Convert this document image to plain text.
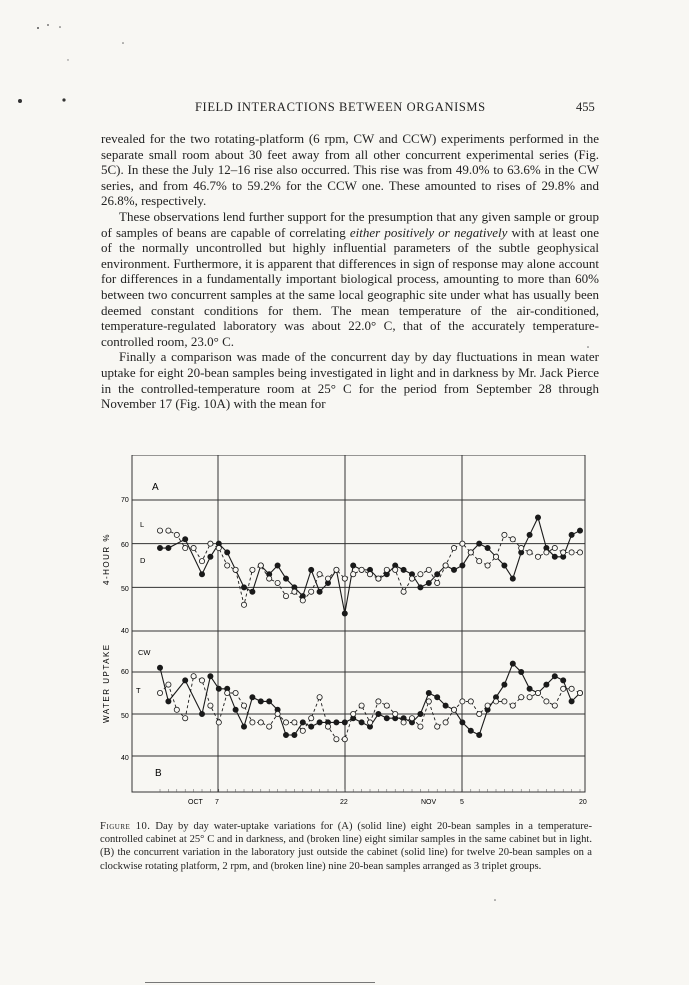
FIELD INTERACTIONS BETWEEN ORGANISMS	455

revealed for the two rotating-platform (6 rpm, CW and CCW) experiments performed in the separate small room about 30 feet away from all other concurrent experimental series (Fig. 5C). In these the July 12–16 rise also occurred. This rise was from 49.0% to 63.6% in the CW series, and from 46.7% to 59.2% for the CCW one. These amounted to rises of 29.8% and 26.8%, respectively.

These observations lend further support for the presumption that any given sample or group of samples of beans are capable of correlating either positively or negatively with at least one of the normally uncontrolled but highly influential parameters of the subtle geophysical environment. Furthermore, it is apparent that differences in sign of response may alone account for differences in a fundamentally important biological process, amounting to more than 60% between two concurrent samples at the same local geographic site under what has usually been deemed constant conditions for them. The mean temperature of the air-conditioned, temperature-regulated laboratory was about 22.0° C, that of the accurately temperature-controlled room, 23.0° C.

Finally a comparison was made of the concurrent day by day fluctuations in mean water uptake for eight 20-bean samples being investigated in light and in darkness by Mr. Jack Pierce in the controlled-temperature room at 25° C for the period from September 28 through November 17 (Fig. 10A) with the mean for

WATER UPTAKE
4-HOUR %
A
B
L
D
CW
T
70
60
50
40
60
50
40
OCT 7	22	NOV	5	20
Figure 10. Day by day water-uptake variations for (A) (solid line) eight 20-bean samples in a temperature-controlled cabinet at 25° C and in darkness, and (broken line) eight similar samples in the same cabinet but in light. (B) the concurrent variation in the laboratory just outside the cabinet (solid line) for twelve 20-bean samples on a clockwise rotating platform, 2 rpm, and (broken line) nine 20-bean samples arranged as 3 triplet groups.
